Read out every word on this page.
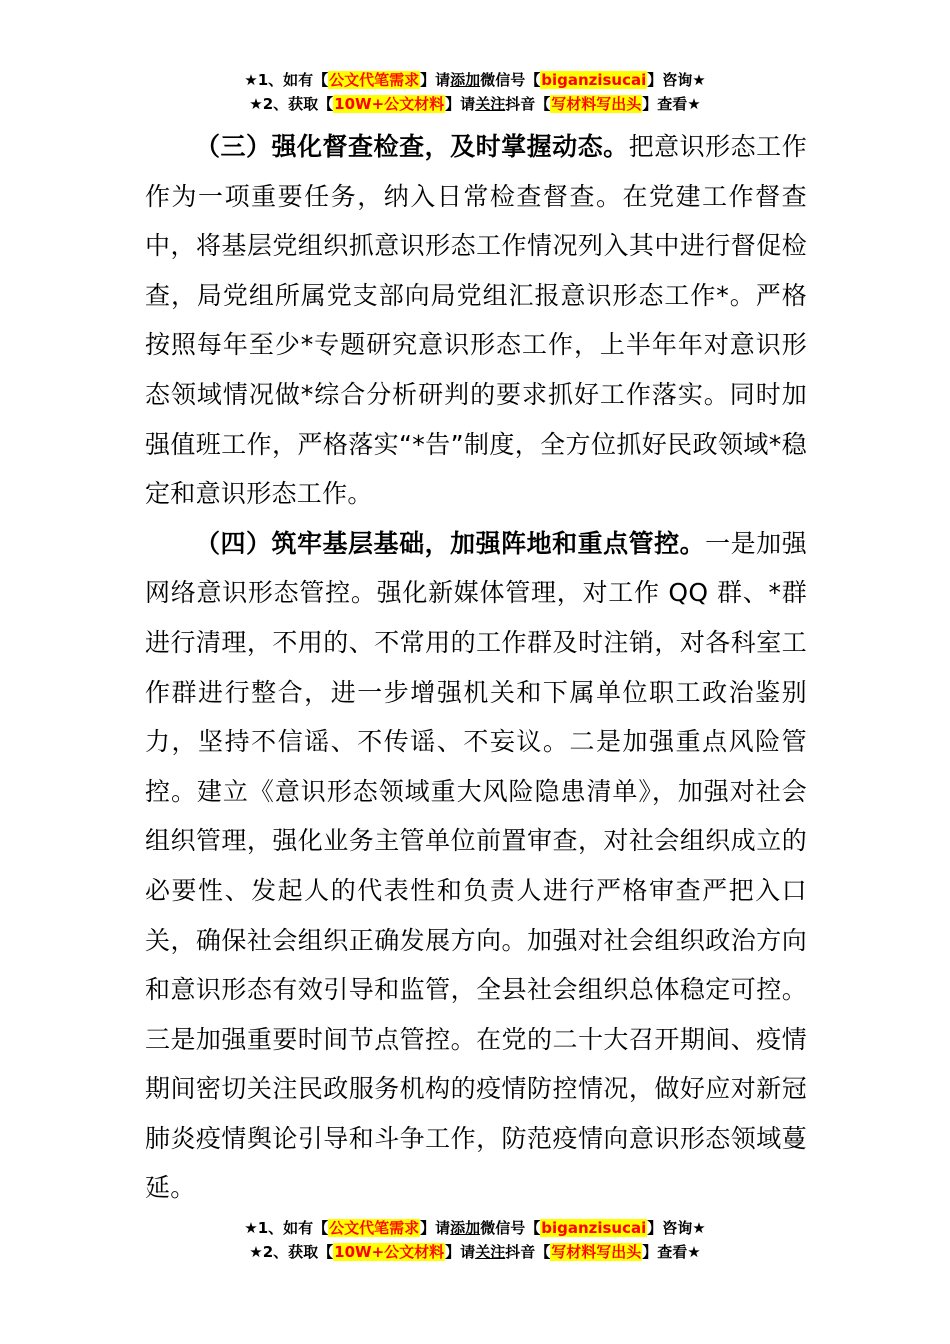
★1、如有【公文代笔需求】请添加微信号【biganzisucai】咨询★
★2、获取【10W+公文材料】请关注抖音【写材料写出头】查看★

（三）强化督查检查，及时掌握动态。把意识形态工作作为一项重要任务，纳入日常检查督查。在党建工作督查中，将基层党组织抓意识形态工作情况列入其中进行督促检查，局党组所属党支部向局党组汇报意识形态工作*。严格按照每年至少*专题研究意识形态工作，上半年年对意识形态领域情况做*综合分析研判的要求抓好工作落实。同时加强值班工作，严格落实“*告”制度，全方位抓好民政领域*稳定和意识形态工作。

（四）筑牢基层基础，加强阵地和重点管控。一是加强网络意识形态管控。强化新媒体管理，对工作 QQ 群、*群进行清理，不用的、不常用的工作群及时注销，对各科室工作群进行整合，进一步增强机关和下属单位职工政治鉴别力，坚持不信谣、不传谣、不妄议。二是加强重点风险管控。建立《意识形态领域重大风险隐患清单》，加强对社会组织管理，强化业务主管单位前置审查，对社会组织成立的必要性、发起人的代表性和负责人进行严格审查严把入口关，确保社会组织正确发展方向。加强对社会组织政治方向和意识形态有效引导和监管，全县社会组织总体稳定可控。三是加强重要时间节点管控。在党的二十大召开期间、疫情期间密切关注民政服务机构的疫情防控情况，做好应对新冠肺炎疫情舆论引导和斗争工作，防范疫情向意识形态领域蔓延。

★1、如有【公文代笔需求】请添加微信号【biganzisucai】咨询★
★2、获取【10W+公文材料】请关注抖音【写材料写出头】查看★
